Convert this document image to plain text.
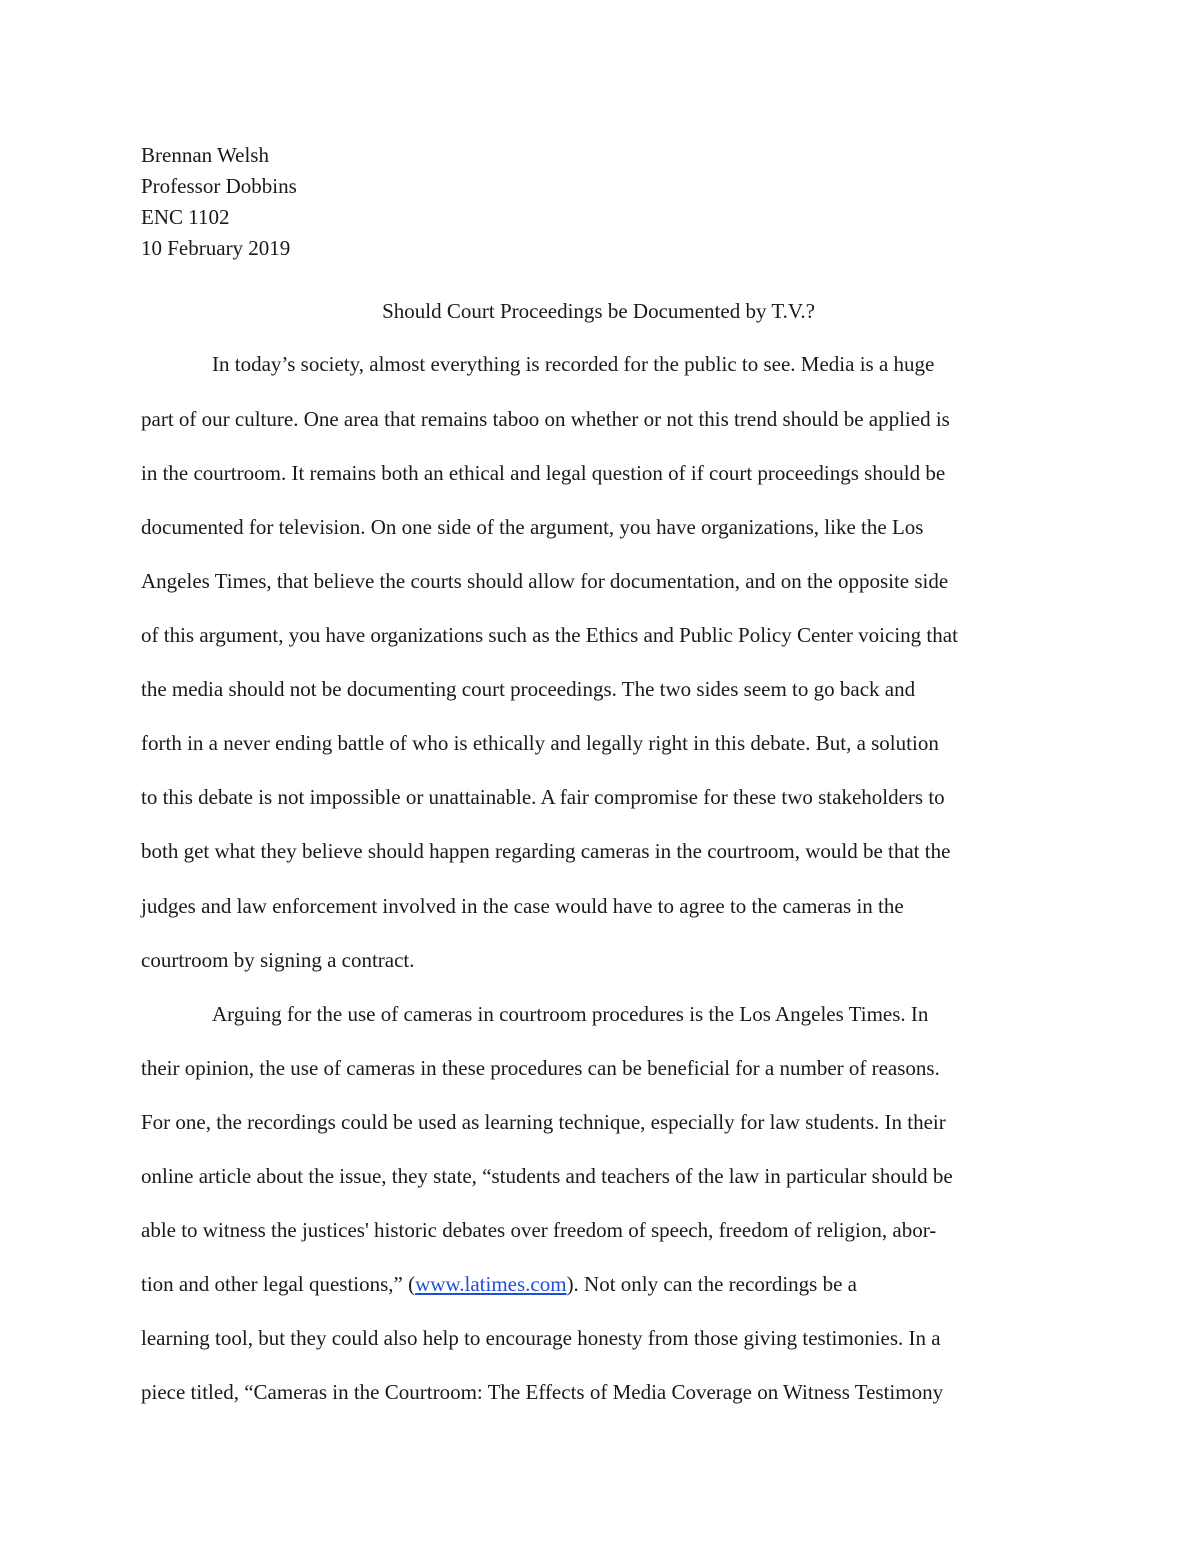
Brennan Welsh
Professor Dobbins
ENC 1102
10 February 2019
Should Court Proceedings be Documented by T.V.?
In today’s society, almost everything is recorded for the public to see. Media is a huge
part of our culture. One area that remains taboo on whether or not this trend should be applied is
in the courtroom. It remains both an ethical and legal question of if court proceedings should be
documented for television. On one side of the argument, you have organizations, like the Los
Angeles Times, that believe the courts should allow for documentation, and on the opposite side
of this argument, you have organizations such as the Ethics and Public Policy Center voicing that
the media should not be documenting court proceedings. The two sides seem to go back and
forth in a never ending battle of who is ethically and legally right in this debate. But, a solution
to this debate is not impossible or unattainable. A fair compromise for these two stakeholders to
both get what they believe should happen regarding cameras in the courtroom, would be that the
judges and law enforcement involved in the case would have to agree to the cameras in the
courtroom by signing a contract.
Arguing for the use of cameras in courtroom procedures is the Los Angeles Times. In
their opinion, the use of cameras in these procedures can be beneficial for a number of reasons.
For one, the recordings could be used as learning technique, especially for law students. In their
online article about the issue, they state, “students and teachers of the law in particular should be
able to witness the justices' historic debates over freedom of speech, freedom of religion, abor-
tion and other legal questions,” (www.latimes.com). Not only can the recordings be a
learning tool, but they could also help to encourage honesty from those giving testimonies. In a
piece titled, “Cameras in the Courtroom: The Effects of Media Coverage on Witness Testimony
